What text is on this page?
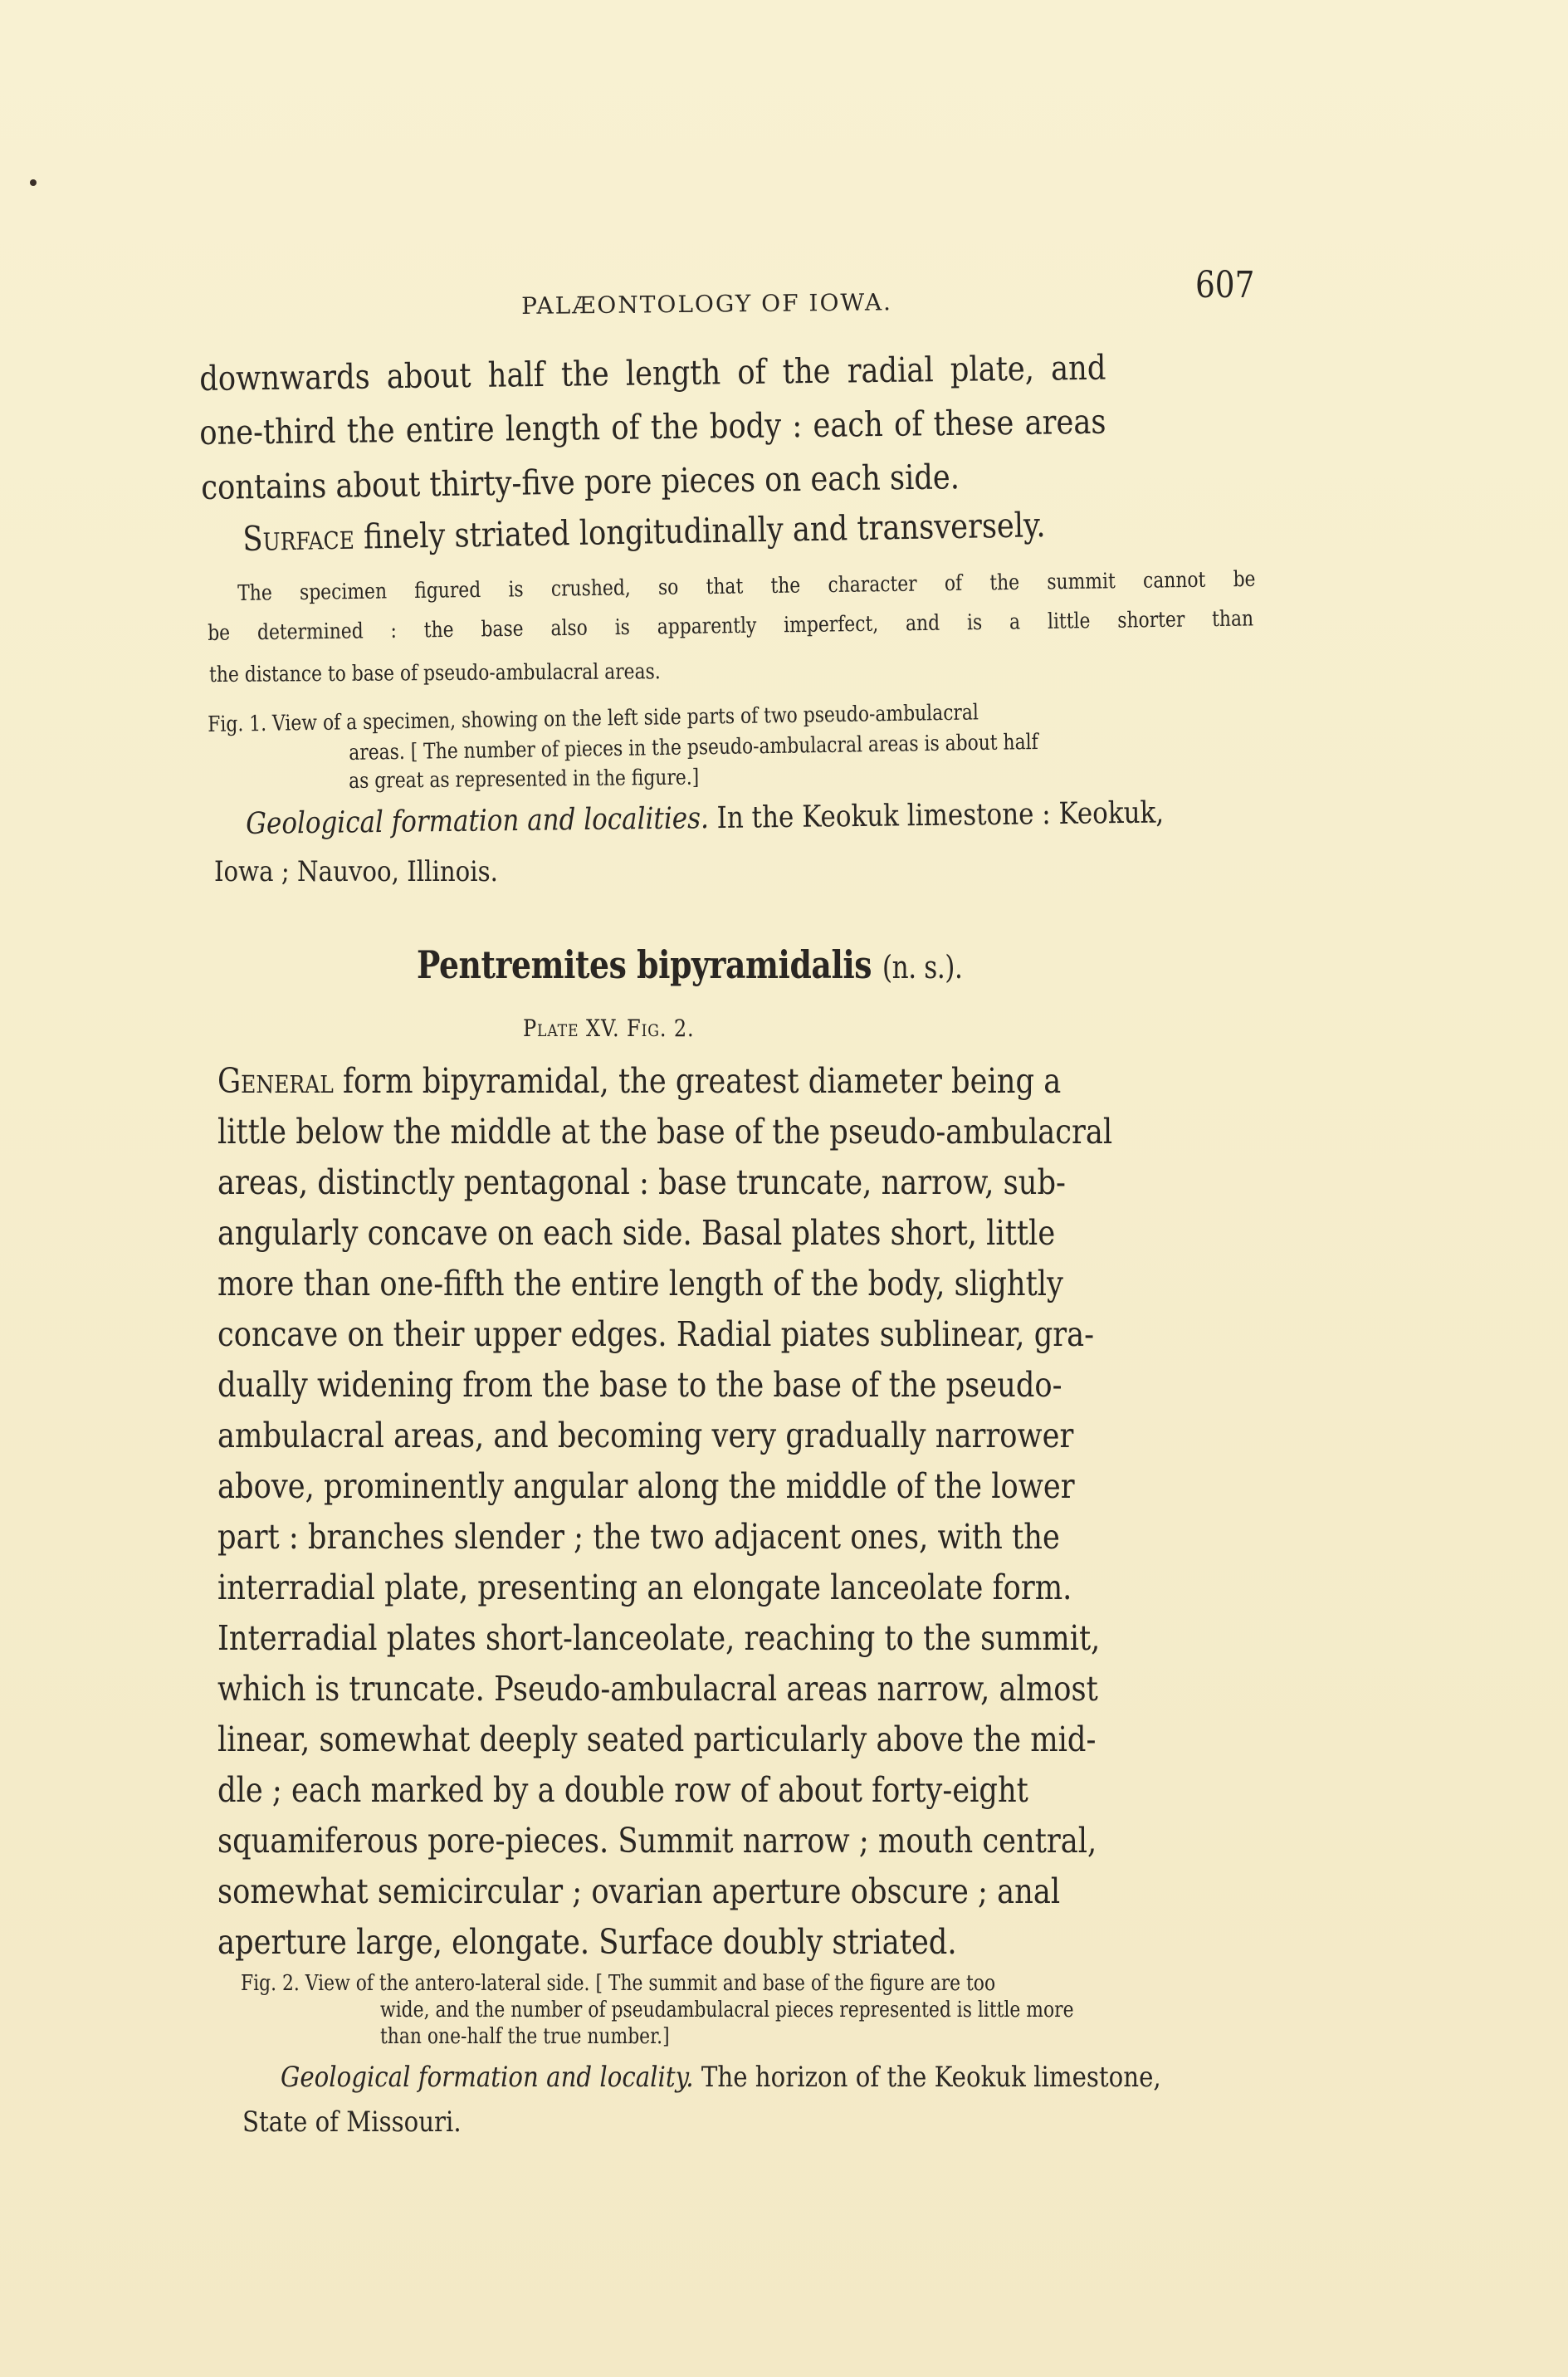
PALÆONTOLOGY OF IOWA.	607
downwards about half the length of the radial plate, and
one-third the entire length of the body : each of these areas
contains about thirty-five pore pieces on each side.
Surface finely striated longitudinally and transversely.
The specimen figured is crushed, so that the character of the summit cannot be
be determined : the base also is apparently imperfect, and is a little shorter than
the distance to base of pseudo-ambulacral areas.
Fig. 1. View of a specimen, showing on the left side parts of two pseudo-ambulacral
areas. [ The number of pieces in the pseudo-ambulacral areas is about half
as great as represented in the figure.]
Geological formation and localities. In the Keokuk limestone : Keokuk,
Iowa ; Nauvoo, Illinois.
Pentremites bipyramidalis (n. s.).
Plate XV. Fig. 2.
General form bipyramidal, the greatest diameter being a
little below the middle at the base of the pseudo-ambulacral
areas, distinctly pentagonal : base truncate, narrow, sub-
angularly concave on each side. Basal plates short, little
more than one-fifth the entire length of the body, slightly
concave on their upper edges. Radial piates sublinear, gra-
dually widening from the base to the base of the pseudo-
ambulacral areas, and becoming very gradually narrower
above, prominently angular along the middle of the lower
part : branches slender ; the two adjacent ones, with the
interradial plate, presenting an elongate lanceolate form.
Interradial plates short-lanceolate, reaching to the summit,
which is truncate. Pseudo-ambulacral areas narrow, almost
linear, somewhat deeply seated particularly above the mid-
dle ; each marked by a double row of about forty-eight
squamiferous pore-pieces. Summit narrow ; mouth central,
somewhat semicircular ; ovarian aperture obscure ; anal
aperture large, elongate. Surface doubly striated.
Fig. 2. View of the antero-lateral side. [ The summit and base of the figure are too
wide, and the number of pseudambulacral pieces represented is little more
than one-half the true number.]
Geological formation and locality. The horizon of the Keokuk limestone,
State of Missouri.
